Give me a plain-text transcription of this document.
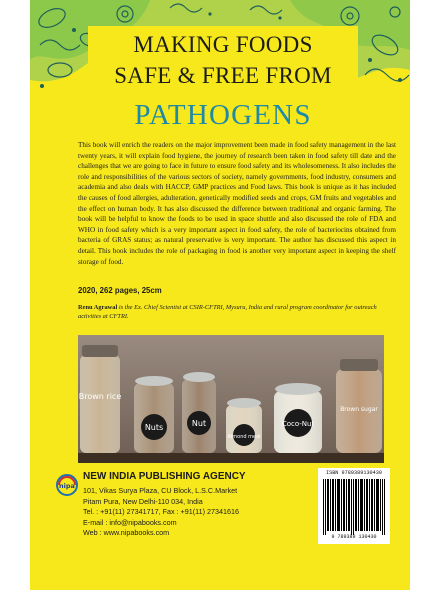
MAKING FOODS
SAFE & FREE FROM
PATHOGENS

This book will enrich the readers on the major improvement been made in food safety management in the last twenty years, it will explain food hygiene, the journey of research been taken in food safety till date and the challenges that we are going to face in future to ensure food safety and its wholesomeness. It also includes the role and responsibilities of the various sectors of society, namely governments, food industry, consumers and academia and also deals with HACCP, GMP practices and Food laws. This book is unique as it has included the causes of food allergies, adulteration, genetically modified seeds and crops, GM fruits and vegetables and the effect on human body. It has also discussed the difference between traditional and organic farming. The book will be helpful to know the foods to be used in space shuttle and also discussed the role of FDA and WHO in food safety which is a very important aspect in food safety, the role of bacteriocins obtained from bacteria of GRAS status; as natural preservative is very important. The author has discussed this aspect in detail. This book includes the role of packaging in food is another very important aspect in keeping the shelf storage of food.

2020, 262 pages, 25cm

Renu Agrawal is the Ex. Chief Scientist at CSIR-CFTRI, Mysuru, India and rural program coordinator for outreach activities at CFTRI.

Brown rice
Nuts	Nut
Almond meal
Coco-Nut
Brown sugar
nipa
NEW INDIA PUBLISHING AGENCY
101, Vikas Surya Plaza, CU Block, L.S.C.Market
Pitam Pura, New Delhi-110 034, India
Tel. : +91(11) 27341717, Fax : +91(11) 27341616
E-mail : info@nipabooks.com
Web : www.nipabooks.com
ISBN 9789389130430
9 789389 130430
